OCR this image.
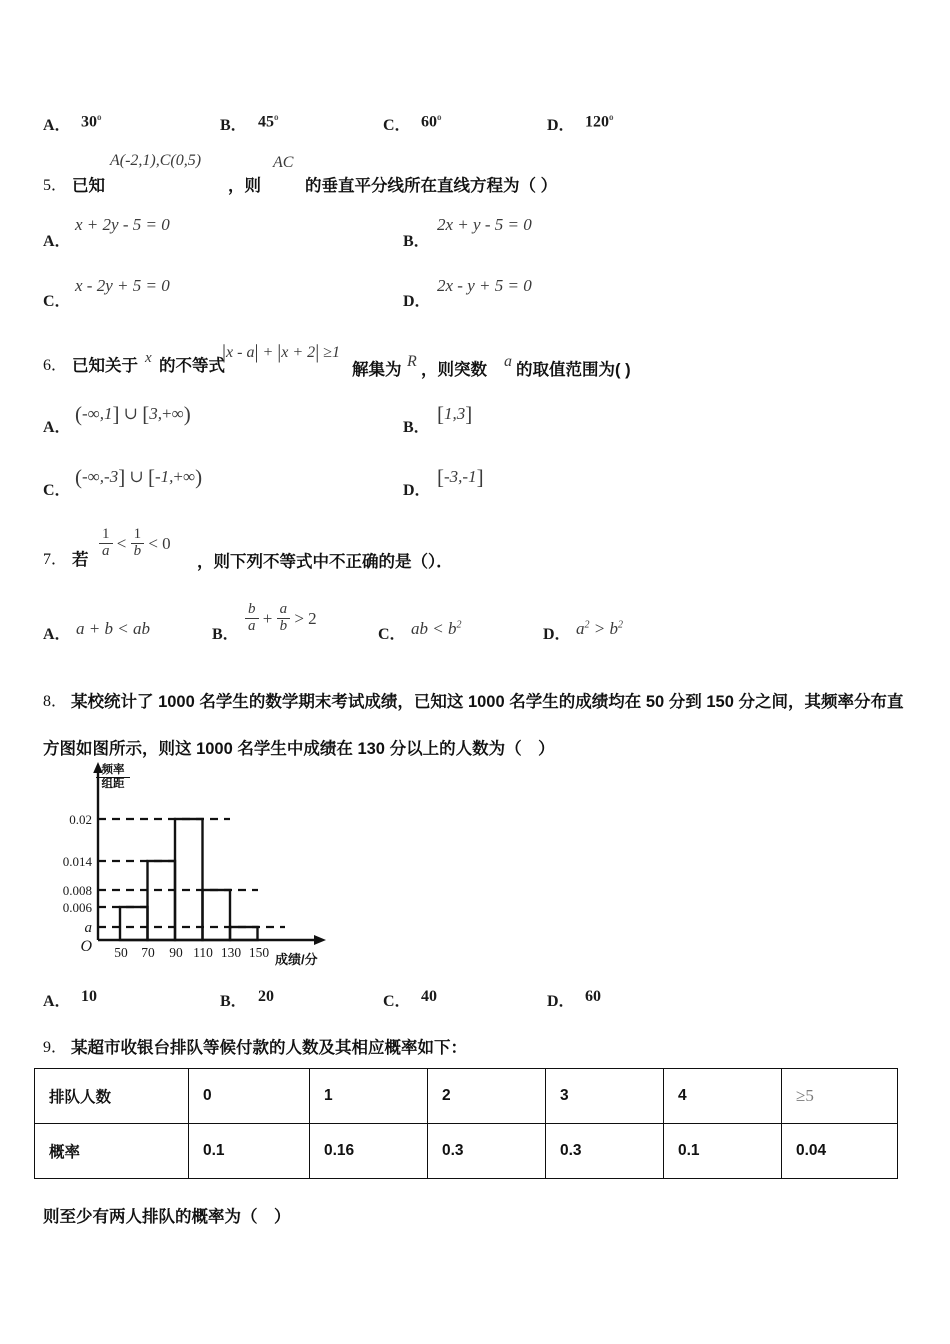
A． 30$^o$	B． 45$^o$	C． 60$^o$	D． 120$^o$
5． 已知
A(-2,1),C(0,5)
，则
AC
的垂直平分线所在直线方程为（ ）
A．
x + 2y - 5 = 0
B．
2x + y - 5 = 0
C．
x - 2y + 5 = 0
D．
2x - y + 5 = 0
6． 已知关于 x 的不等式
|x - a| + |x + 2| ≥1
解集为 R ，则突数 a 的取值范围为( )
A．
(-∞,1] ∪ [3,+∞)
B．
[1,3]
C．
(-∞,-3] ∪ [-1,+∞)
D．
[-3,-1]
7． 若
$\frac{1}{a} < \frac{1}{b} < 0$
，则下列不等式中不正确的是（）．
A． a + b < ab	B． $\frac{b}{a} + \frac{a}{b} > 2$
C． ab < $b^2$
D． $a^2 > b^2$
8． 某校统计了 1000 名学生的数学期末考试成绩，已知这 1000 名学生的成绩均在 50 分到 150 分之间，其频率分布直
方图如图所示，则这 1000 名学生中成绩在 130 分以上的人数为（　）
频率
组距
0.02
0.014
0.008
0.006
a
O	50	70	90 110 130 150 成绩/分
A． 10	B． 20	C． 40	D． 60
9． 某超市收银台排队等候付款的人数及其相应概率如下：
排队人数	0	1	2	3	4	≥5
概率	0.1	0.16	0.3	0.3	0.1	0.04
则至少有两人排队的概率为（　）
